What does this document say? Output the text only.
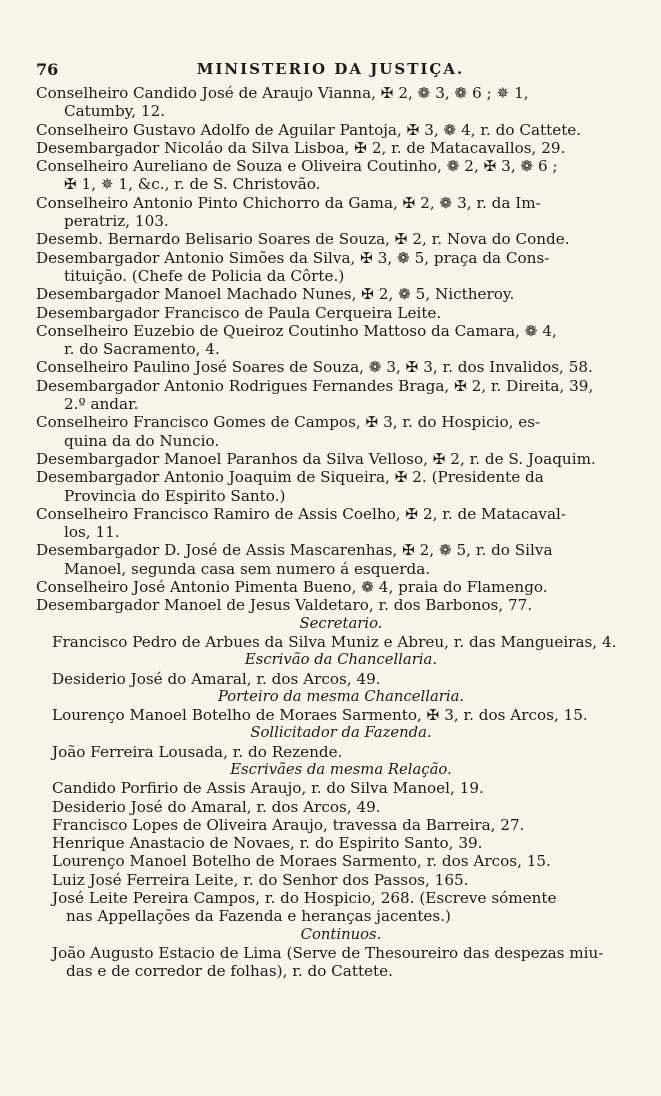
76	MINISTERIO DA JUSTIÇA.
Conselheiro Candido José de Araujo Vianna, ✠ 2, ❁ 3, ❁ 6 ; ✵ 1,
Catumby, 12.
Conselheiro Gustavo Adolfo de Aguilar Pantoja, ✠ 3, ❁ 4, r. do Cattete.
Desembargador Nicoláo da Silva Lisboa, ✠ 2, r. de Matacavallos, 29.
Conselheiro Aureliano de Souza e Oliveira Coutinho, ❁ 2, ✠ 3, ❁ 6 ;
✠ 1, ✵ 1, &c., r. de S. Christovão.
Conselheiro Antonio Pinto Chichorro da Gama, ✠ 2, ❁ 3, r. da Im-
peratriz, 103.
Desemb. Bernardo Belisario Soares de Souza, ✠ 2, r. Nova do Conde.
Desembargador Antonio Simões da Silva, ✠ 3, ❁ 5, praça da Cons-
tituição. (Chefe de Policia da Côrte.)
Desembargador Manoel Machado Nunes, ✠ 2, ❁ 5, Nictheroy.
Desembargador Francisco de Paula Cerqueira Leite.
Conselheiro Euzebio de Queiroz Coutinho Mattoso da Camara, ❁ 4,
r. do Sacramento, 4.
Conselheiro Paulino José Soares de Souza, ❁ 3, ✠ 3, r. dos Invalidos, 58.
Desembargador Antonio Rodrigues Fernandes Braga, ✠ 2, r. Direita, 39,
2.º andar.
Conselheiro Francisco Gomes de Campos, ✠ 3, r. do Hospicio, es-
quina da do Nuncio.
Desembargador Manoel Paranhos da Silva Velloso, ✠ 2, r. de S. Joaquim.
Desembargador Antonio Joaquim de Siqueira, ✠ 2. (Presidente da
Provincia do Espirito Santo.)
Conselheiro Francisco Ramiro de Assis Coelho, ✠ 2, r. de Matacaval-
los, 11.
Desembargador D. José de Assis Mascarenhas, ✠ 2, ❁ 5, r. do Silva
Manoel, segunda casa sem numero á esquerda.
Conselheiro José Antonio Pimenta Bueno, ❁ 4, praia do Flamengo.
Desembargador Manoel de Jesus Valdetaro, r. dos Barbonos, 77.
Secretario.
Francisco Pedro de Arbues da Silva Muniz e Abreu, r. das Mangueiras, 4.
Escrivão da Chancellaria.
Desiderio José do Amaral, r. dos Arcos, 49.
Porteiro da mesma Chancellaria.
Lourenço Manoel Botelho de Moraes Sarmento, ✠ 3, r. dos Arcos, 15.
Sollicitador da Fazenda.
João Ferreira Lousada, r. do Rezende.
Escrivães da mesma Relação.
Candido Porfirio de Assis Araujo, r. do Silva Manoel, 19.
Desiderio José do Amaral, r. dos Arcos, 49.
Francisco Lopes de Oliveira Araujo, travessa da Barreira, 27.
Henrique Anastacio de Novaes, r. do Espirito Santo, 39.
Lourenço Manoel Botelho de Moraes Sarmento, r. dos Arcos, 15.
Luiz José Ferreira Leite, r. do Senhor dos Passos, 165.
José Leite Pereira Campos, r. do Hospicio, 268. (Escreve sómente
nas Appellações da Fazenda e heranças jacentes.)
Continuos.
João Augusto Estacio de Lima (Serve de Thesoureiro das despezas miu-
das e de corredor de folhas), r. do Cattete.
